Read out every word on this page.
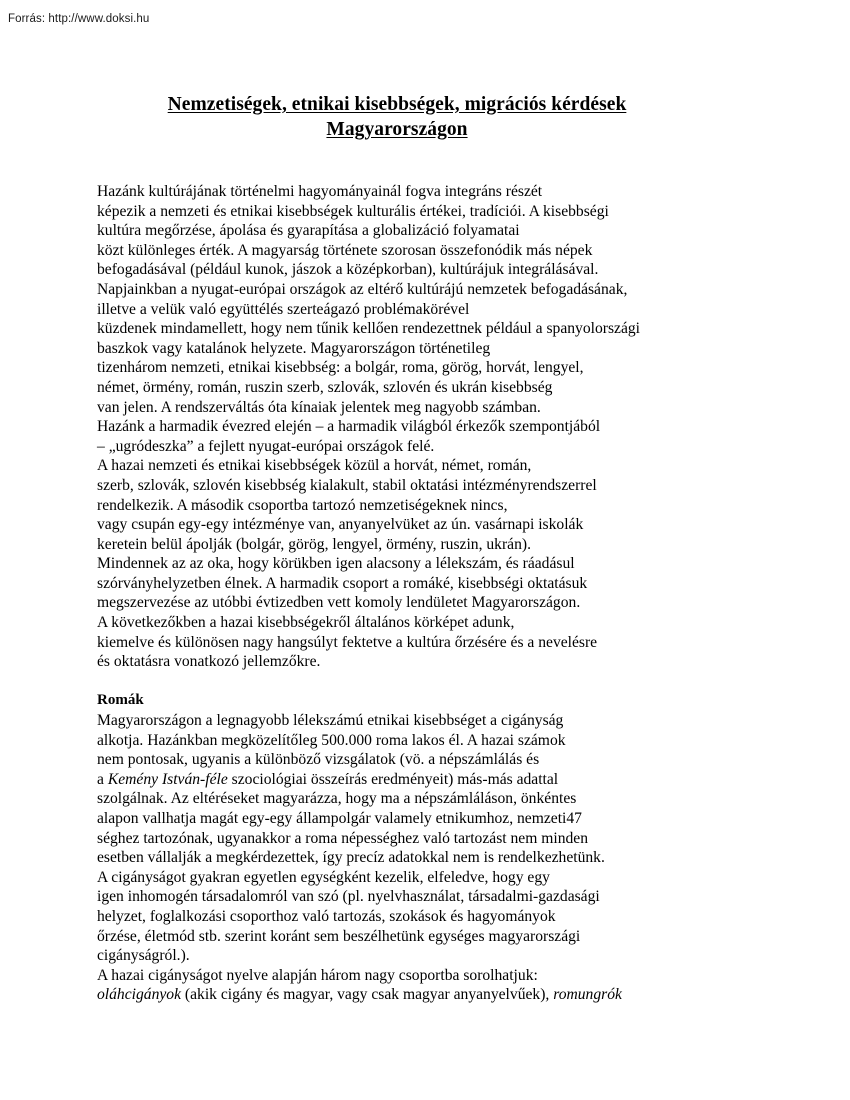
Forrás: http://www.doksi.hu
Nemzetiségek, etnikai kisebbségek, migrációs kérdések
Magyarországon
Hazánk kultúrájának történelmi hagyományainál fogva integráns részét
képezik a nemzeti és etnikai kisebbségek kulturális értékei, tradíciói. A kisebbségi
kultúra megőrzése, ápolása és gyarapítása a globalizáció folyamatai
közt különleges érték. A magyarság története szorosan összefonódik más népek
befogadásával (például kunok, jászok a középkorban), kultúrájuk integrálásával.
Napjainkban a nyugat-európai országok az eltérő kultúrájú nemzetek befogadásának,
illetve a velük való együttélés szerteágazó problémakörével
küzdenek mindamellett, hogy nem tűnik kellően rendezettnek például a spanyolországi
baszkok vagy katalánok helyzete. Magyarországon történetileg
tizenhárom nemzeti, etnikai kisebbség: a bolgár, roma, görög, horvát, lengyel,
német, örmény, román, ruszin szerb, szlovák, szlovén és ukrán kisebbség
van jelen. A rendszerváltás óta kínaiak jelentek meg nagyobb számban.
Hazánk a harmadik évezred elején – a harmadik világból érkezők szempontjából
– „ugródeszka” a fejlett nyugat-európai országok felé.
A hazai nemzeti és etnikai kisebbségek közül a horvát, német, román,
szerb, szlovák, szlovén kisebbség kialakult, stabil oktatási intézményrendszerrel
rendelkezik. A második csoportba tartozó nemzetiségeknek nincs,
vagy csupán egy-egy intézménye van, anyanyelvüket az ún. vasárnapi iskolák
keretein belül ápolják (bolgár, görög, lengyel, örmény, ruszin, ukrán).
Mindennek az az oka, hogy körükben igen alacsony a lélekszám, és ráadásul
szórványhelyzetben élnek. A harmadik csoport a romáké, kisebbségi oktatásuk
megszervezése az utóbbi évtizedben vett komoly lendületet Magyarországon.
A következőkben a hazai kisebbségekről általános körképet adunk,
kiemelve és különösen nagy hangsúlyt fektetve a kultúra őrzésére és a nevelésre
és oktatásra vonatkozó jellemzőkre.
Romák
Magyarországon a legnagyobb lélekszámú etnikai kisebbséget a cigányság
alkotja. Hazánkban megközelítőleg 500.000 roma lakos él. A hazai számok
nem pontosak, ugyanis a különböző vizsgálatok (vö. a népszámlálás és
a Kemény István-féle szociológiai összeírás eredményeit) más-más adattal
szolgálnak. Az eltéréseket magyarázza, hogy ma a népszámláláson, önkéntes
alapon vallhatja magát egy-egy állampolgár valamely etnikumhoz, nemzeti47
séghez tartozónak, ugyanakkor a roma népességhez való tartozást nem minden
esetben vállalják a megkérdezettek, így precíz adatokkal nem is rendelkezhetünk.
A cigányságot gyakran egyetlen egységként kezelik, elfeledve, hogy egy
igen inhomogén társadalomról van szó (pl. nyelvhasználat, társadalmi-gazdasági
helyzet, foglalkozási csoporthoz való tartozás, szokások és hagyományok
őrzése, életmód stb. szerint koránt sem beszélhetünk egységes magyarországi
cigányságról.).
A hazai cigányságot nyelve alapján három nagy csoportba sorolhatjuk:
oláhcigányok (akik cigány és magyar, vagy csak magyar anyanyelvűek), romungrók
